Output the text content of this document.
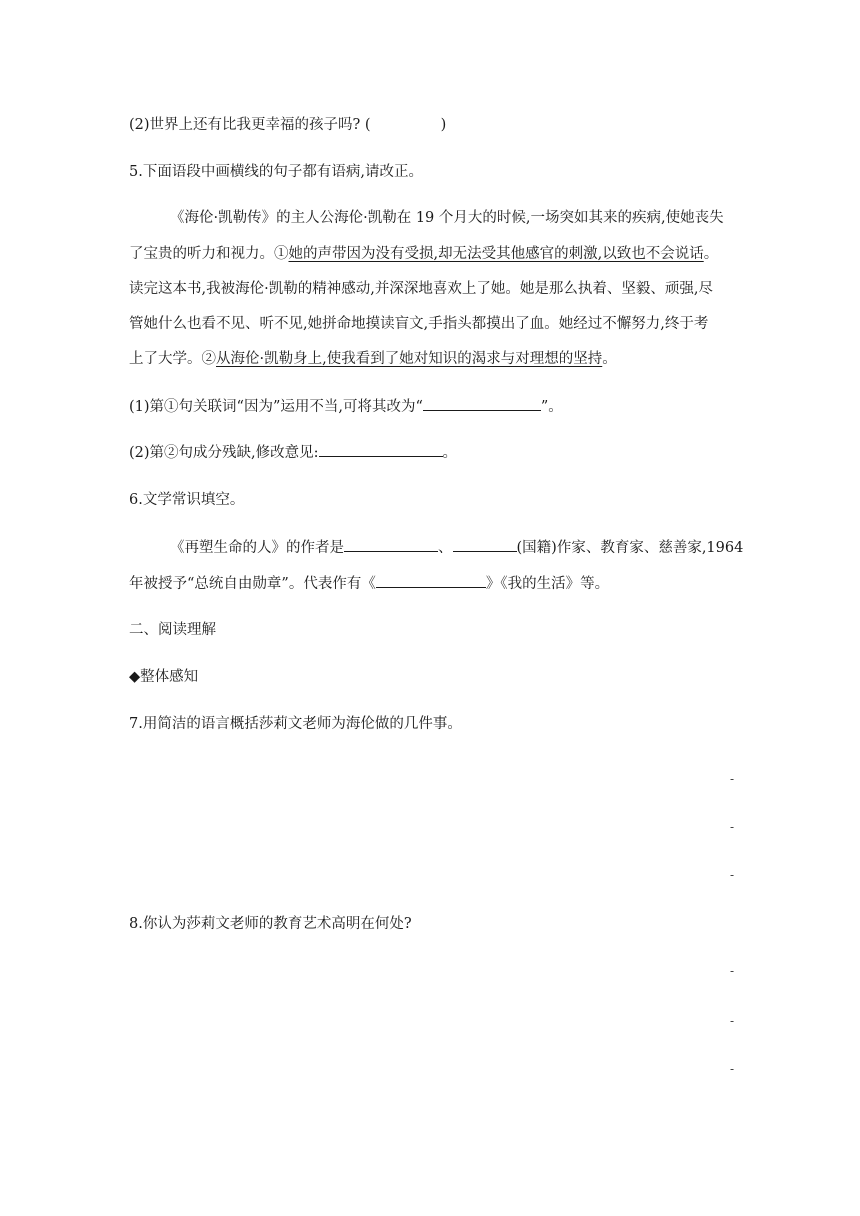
(2)世界上还有比我更幸福的孩子吗? (	)
5.下面语段中画横线的句子都有语病,请改正。
《海伦·凯勒传》的主人公海伦·凯勒在 19 个月大的时候,一场突如其来的疾病,使她丧失
了宝贵的听力和视力。①她的声带因为没有受损,却无法受其他感官的刺激,以致也不会说话。
读完这本书,我被海伦·凯勒的精神感动,并深深地喜欢上了她。她是那么执着、坚毅、顽强,尽
管她什么也看不见、听不见,她拼命地摸读盲文,手指头都摸出了血。她经过不懈努力,终于考
上了大学。②从海伦·凯勒身上,使我看到了她对知识的渴求与对理想的坚持。
(1)第①句关联词“因为”运用不当,可将其改为“	”。
(2)第②句成分残缺,修改意见:	。
6.文学常识填空。
《再塑生命的人》的作者是	、	(国籍)作家、教育家、慈善家,1964
年被授予“总统自由勋章”。代表作有《	》《我的生活》等。
二、阅读理解
◆整体感知
7.用简洁的语言概括莎莉文老师为海伦做的几件事。
-
-
-
8.你认为莎莉文老师的教育艺术高明在何处?
-
-
-
